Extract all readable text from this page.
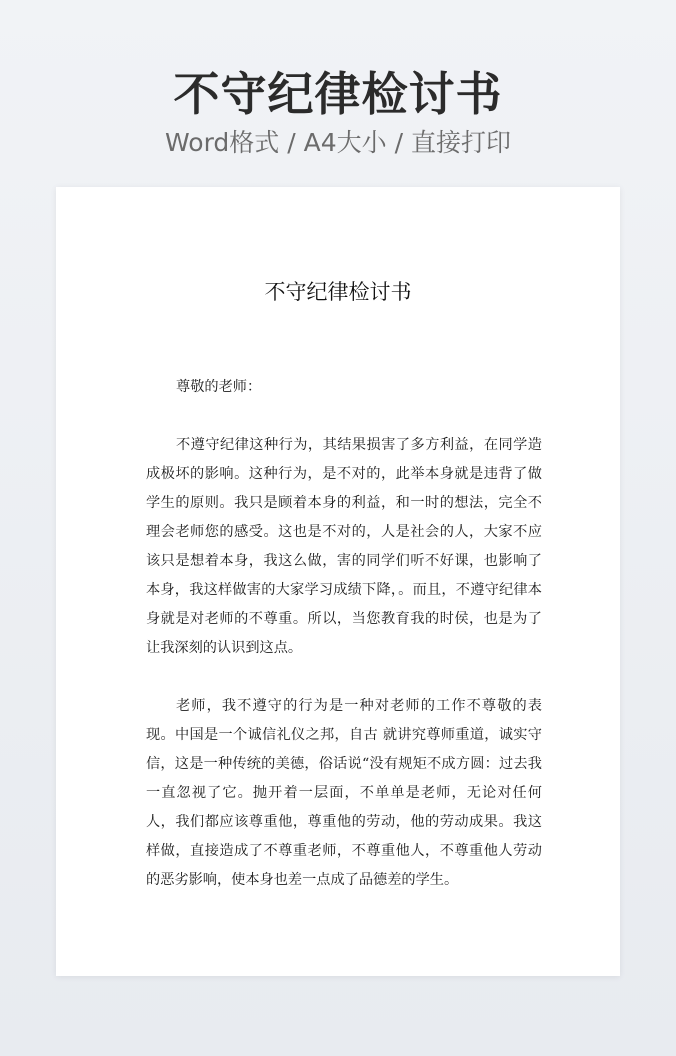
不守纪律检讨书
Word格式 / A4大小 / 直接打印
不守纪律检讨书

尊敬的老师：

不遵守纪律这种行为，其结果损害了多方利益，在同学造成极坏的影响。这种行为，是不对的，此举本身就是违背了做学生的原则。我只是顾着本身的利益，和一时的想法，完全不理会老师您的感受。这也是不对的，人是社会的人，大家不应该只是想着本身，我这么做，害的同学们听不好课，也影响了本身，我这样做害的大家学习成绩下降，。而且，不遵守纪律本身就是对老师的不尊重。所以，当您教育我的时侯，也是为了让我深刻的认识到这点。

老师，我不遵守的行为是一种对老师的工作不尊敬的表现。中国是一个诚信礼仪之邦，自古 就讲究尊师重道，诚实守信，这是一种传统的美德，俗话说“没有规矩不成方圆：过去我一直忽视了它。抛开着一层面，不单单是老师，无论对任何人，我们都应该尊重他，尊重他的劳动，他的劳动成果。我这样做，直接造成了不尊重老师，不尊重他人，不尊重他人劳动的恶劣影响，使本身也差一点成了品德差的学生。
